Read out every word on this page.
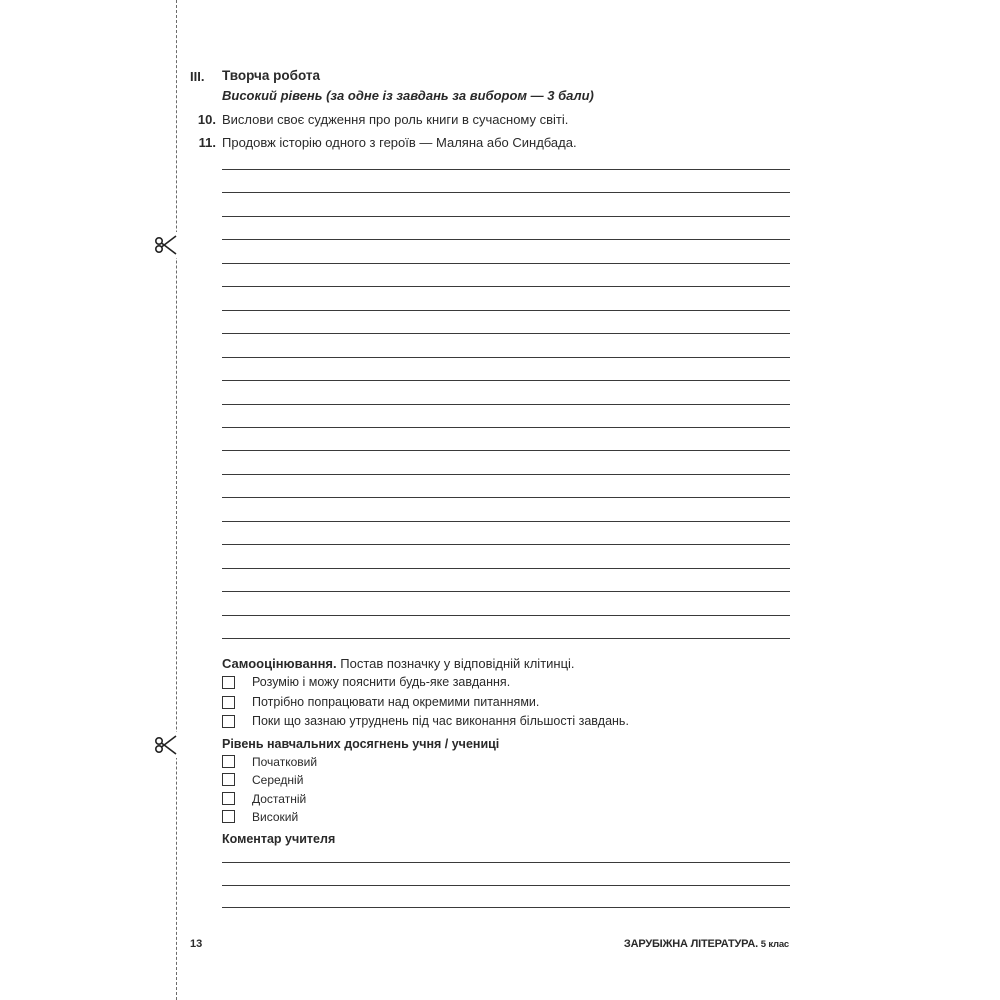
III. Творча робота
Високий рівень (за одне із завдань за вибором — 3 бали)
10. Вислови своє судження про роль книги в сучасному світі.
11. Продовж історію одного з героїв — Маляна або Синдбада.
Самооцінювання. Постав позначку у відповідній клітинці.
Розумію і можу пояснити будь-яке завдання.
Потрібно попрацювати над окремими питаннями.
Поки що зазнаю утруднень під час виконання більшості завдань.
Рівень навчальних досягнень учня / учениці
Початковий
Середній
Достатній
Високий
Коментар учителя
13	ЗАРУБІЖНА ЛІТЕРАТУРА. 5 клас
